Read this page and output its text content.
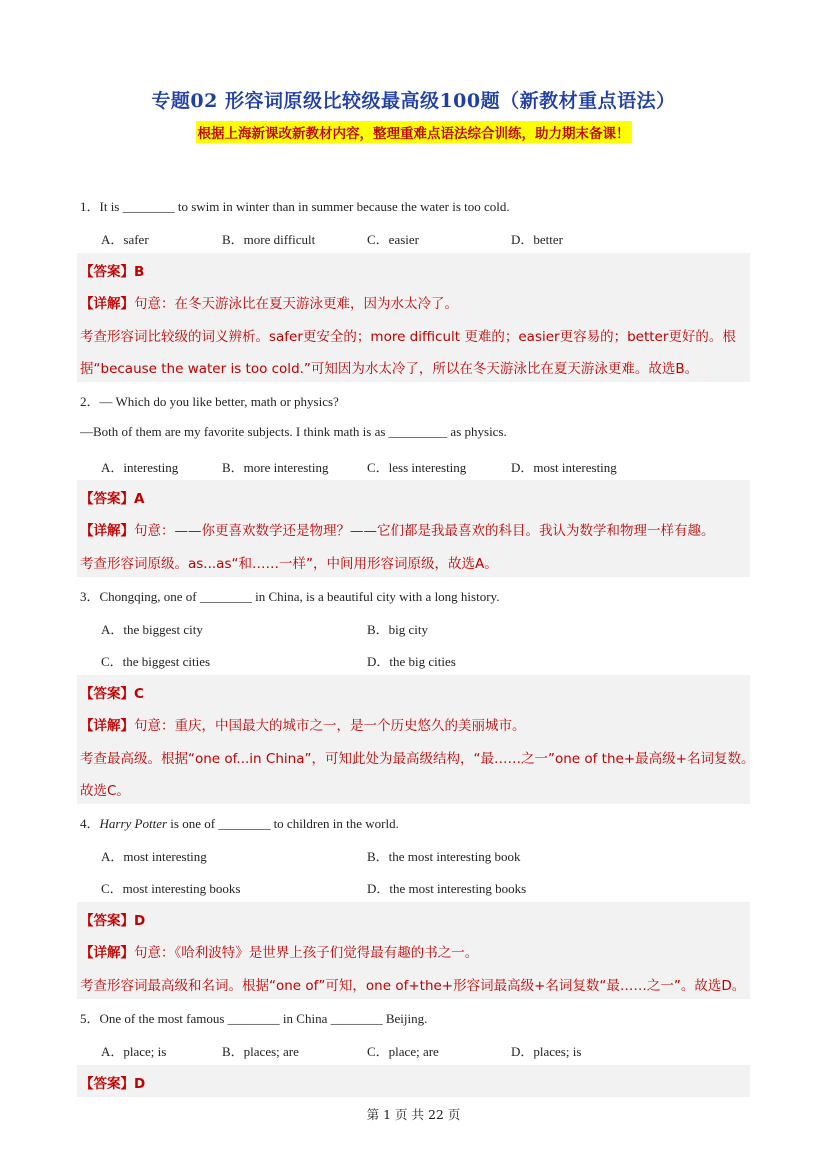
专题02 形容词原级比较级最高级100题（新教材重点语法）
根据上海新课改新教材内容，整理重难点语法综合训练，助力期末备课！
1．It is ________ to swim in winter than in summer because the water is too cold.
A．safer	B．more difficult	C．easier	D．better
【答案】B
【详解】句意：在冬天游泳比在夏天游泳更难，因为水太冷了。
考查形容词比较级的词义辨析。safer更安全的；more difficult 更难的；easier更容易的；better更好的。根
据“because the water is too cold.”可知因为水太冷了，所以在冬天游泳比在夏天游泳更难。故选B。
2．— Which do you like better, math or physics?
—Both of them are my favorite subjects. I think math is as _________ as physics.
A．interesting	B．more interesting	C．less interesting	D．most interesting
【答案】A
【详解】句意：——你更喜欢数学还是物理？——它们都是我最喜欢的科目。我认为数学和物理一样有趣。
考查形容词原级。as...as“和……一样”，中间用形容词原级，故选A。
3．Chongqing, one of ________ in China, is a beautiful city with a long history.
A．the biggest city	B．big city
C．the biggest cities	D．the big cities
【答案】C
【详解】句意：重庆，中国最大的城市之一，是一个历史悠久的美丽城市。
考查最高级。根据“one of...in China”，可知此处为最高级结构，“最……之一”one of the+最高级+名词复数。
故选C。
4．Harry Potter is one of ________ to children in the world.
A．most interesting	B．the most interesting book
C．most interesting books	D．the most interesting books
【答案】D
【详解】句意：《哈利波特》是世界上孩子们觉得最有趣的书之一。
考查形容词最高级和名词。根据“one of”可知，one of+the+形容词最高级+名词复数“最……之一”。故选D。
5．One of the most famous ________ in China ________ Beijing.
A．place; is	B．places; are	C．place; are	D．places; is
【答案】D
第 1 页 共 22 页
